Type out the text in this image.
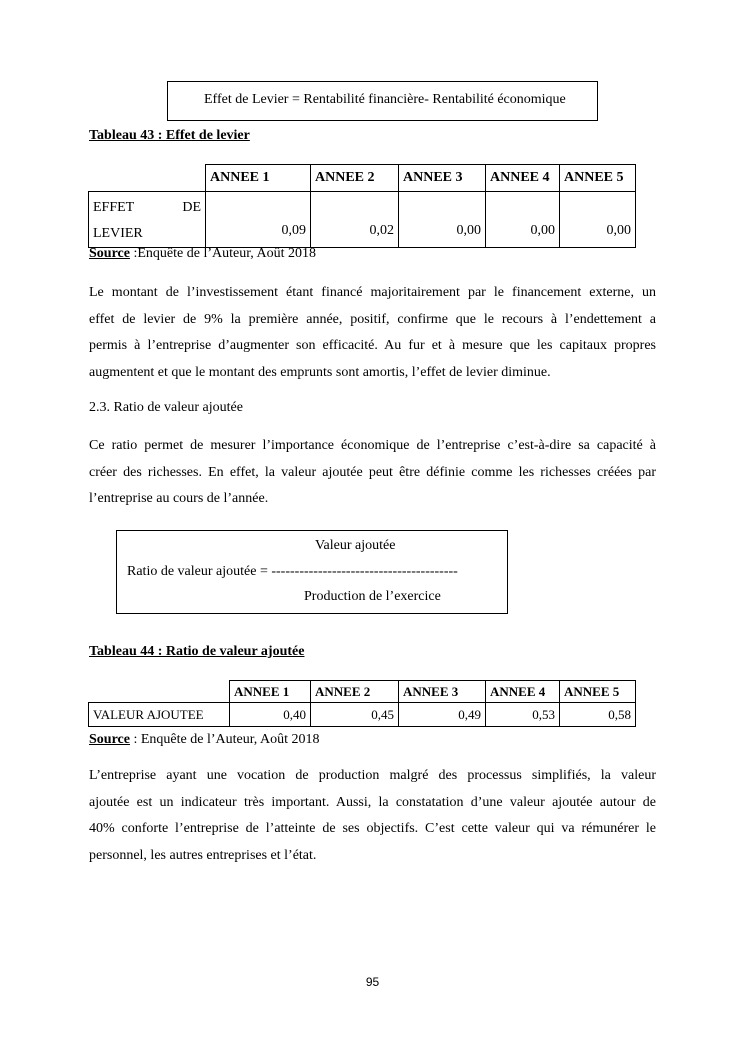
Effet de Levier = Rentabilité financière- Rentabilité économique
Tableau 43 : Effet de levier
	ANNEE 1	ANNEE 2	ANNEE 3	ANNEE 4	ANNEE 5

EFFET DE
LEVIER	0,09	0,02	0,00	0,00	0,00
Source :Enquête de l’Auteur, Août 2018
Le montant de l’investissement étant financé majoritairement par le financement externe, un
effet de levier de 9% la première année, positif, confirme que le recours à l’endettement a
permis à l’entreprise d’augmenter son efficacité. Au fur et à mesure que les capitaux propres
augmentent et que le montant des emprunts sont amortis, l’effet de levier diminue.
2.3. Ratio de valeur ajoutée
Ce ratio permet de mesurer l’importance économique de l’entreprise c’est-à-dire sa capacité à
créer des richesses. En effet, la valeur ajoutée peut être définie comme les richesses créées par
l’entreprise au cours de l’année.
Valeur ajoutée
Ratio de valeur ajoutée = ----------------------------------------
Production de l’exercice
Tableau 44 : Ratio de valeur ajoutée
	ANNEE 1	ANNEE 2	ANNEE 3	ANNEE 4	ANNEE 5
VALEUR AJOUTEE	0,40	0,45	0,49	0,53	0,58
Source : Enquête de l’Auteur, Août 2018
L’entreprise ayant une vocation de production malgré des processus simplifiés, la valeur
ajoutée est un indicateur très important. Aussi, la constatation d’une valeur ajoutée autour de
40% conforte l’entreprise de l’atteinte de ses objectifs. C’est cette valeur qui va rémunérer le
personnel, les autres entreprises et l’état.
95
